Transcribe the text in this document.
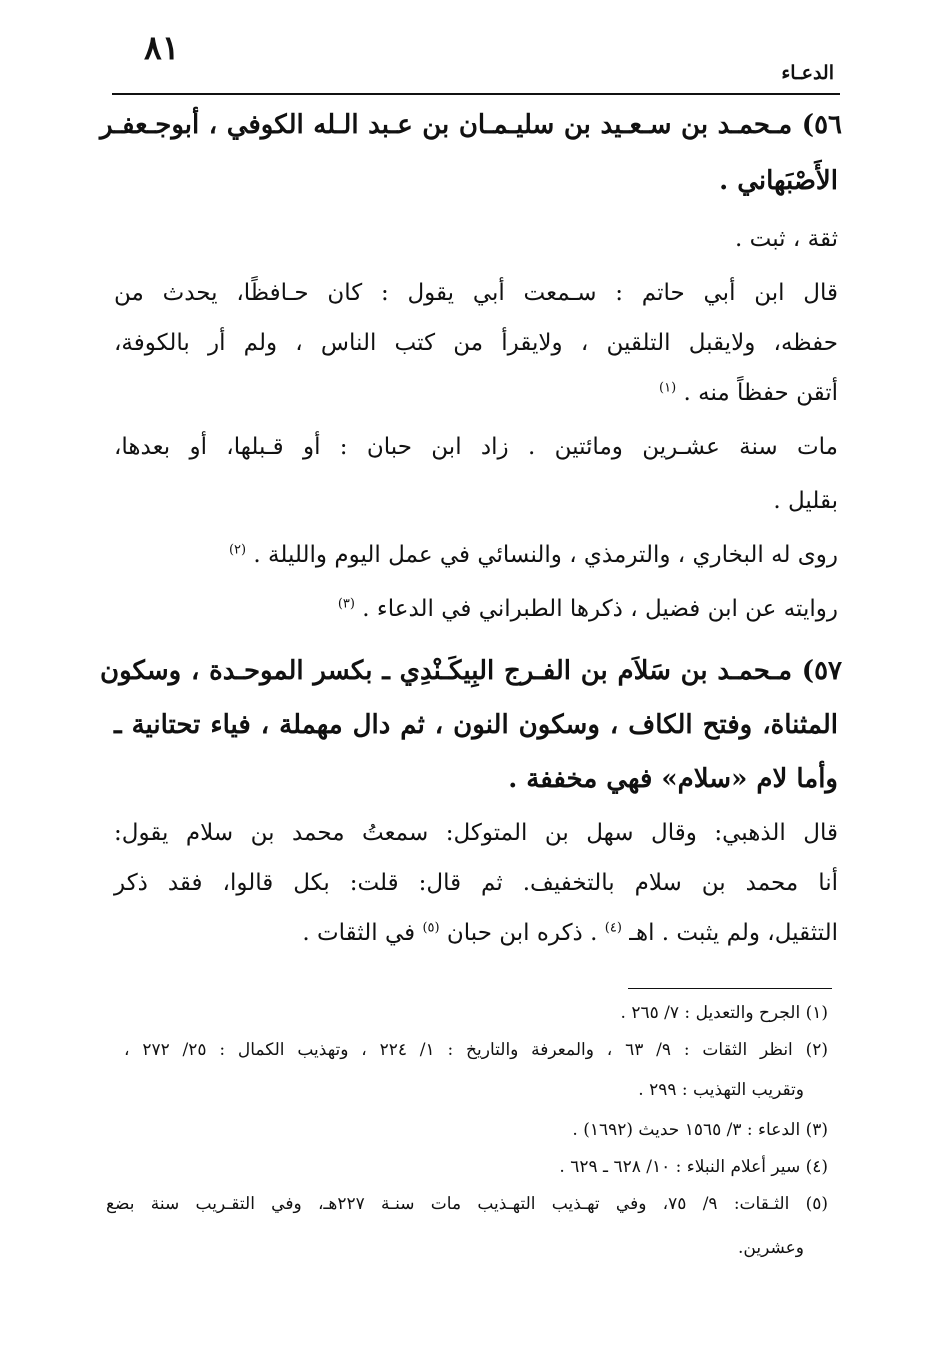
٨١
الدعـاء
٥٦) مـحمـد بن سـعـيد بن سليـمـان بن عـبد الـله الكوفي ، أبوجـعفـر
الأَصْبَهاني .
ثقة ، ثبت .
قال ابن أبي حاتم : سـمعت أبي يقول : كان حـافظًا، يحدث من
حفظه، ولايقبل التلقين ، ولايقرأ من كتب الناس ، ولم أر بالكوفة،
أتقن حفظاً منه . $^{(١)}$
مات سنة عشـرين ومائتين . زاد ابن حبان : أو قـبلها، أو بعدها،
بقليل .
روى له البخاري ، والترمذي ، والنسائي في عمل اليوم والليلة . $^{(٢)}$
روايته عن ابن فضيل ، ذكرها الطبراني في الدعاء . $^{(٣)}$
٥٧) مـحمـد بن سَلاَم بن الفـرج البِيكَـنْدِي ـ بكسر الموحـدة ، وسكون
المثناة، وفتح الكاف ، وسكون النون ، ثم دال مهملة ، فياء تحتانية ـ
وأما لام «سلام» فهي مخففة .
قال الذهبي: وقال سهل بن المتوكل: سمعتُ محمد بن سلام يقول:
أنا محمد بن سلام بالتخفيف. ثم قال: قلت: بكل قالوا، فقد ذكر
التثقيل، ولم يثبت . اهـ $^{(٤)}$ . ذكره ابن حبان $^{(٥)}$ في الثقات .
(١) الجرح والتعديل : ٧/ ٢٦٥ .
(٢) انظر الثقات : ٩/ ٦٣ ، والمعرفة والتاريخ : ١/ ٢٢٤ ، وتهذيب الكمال : ٢٥/ ٢٧٢ ،
وتقريب التهذيب : ٢٩٩ .
(٣) الدعاء : ٣/ ١٥٦٥ حديث (١٦٩٢) .
(٤) سير أعلام النبلاء : ١٠/ ٦٢٨ ـ ٦٢٩ .
(٥) الثـقات: ٩/ ٧٥، وفي تهـذيب التهـذيب مات سنـة ٢٢٧هـ، وفي التقـريب سنة بضع
وعشرين.
